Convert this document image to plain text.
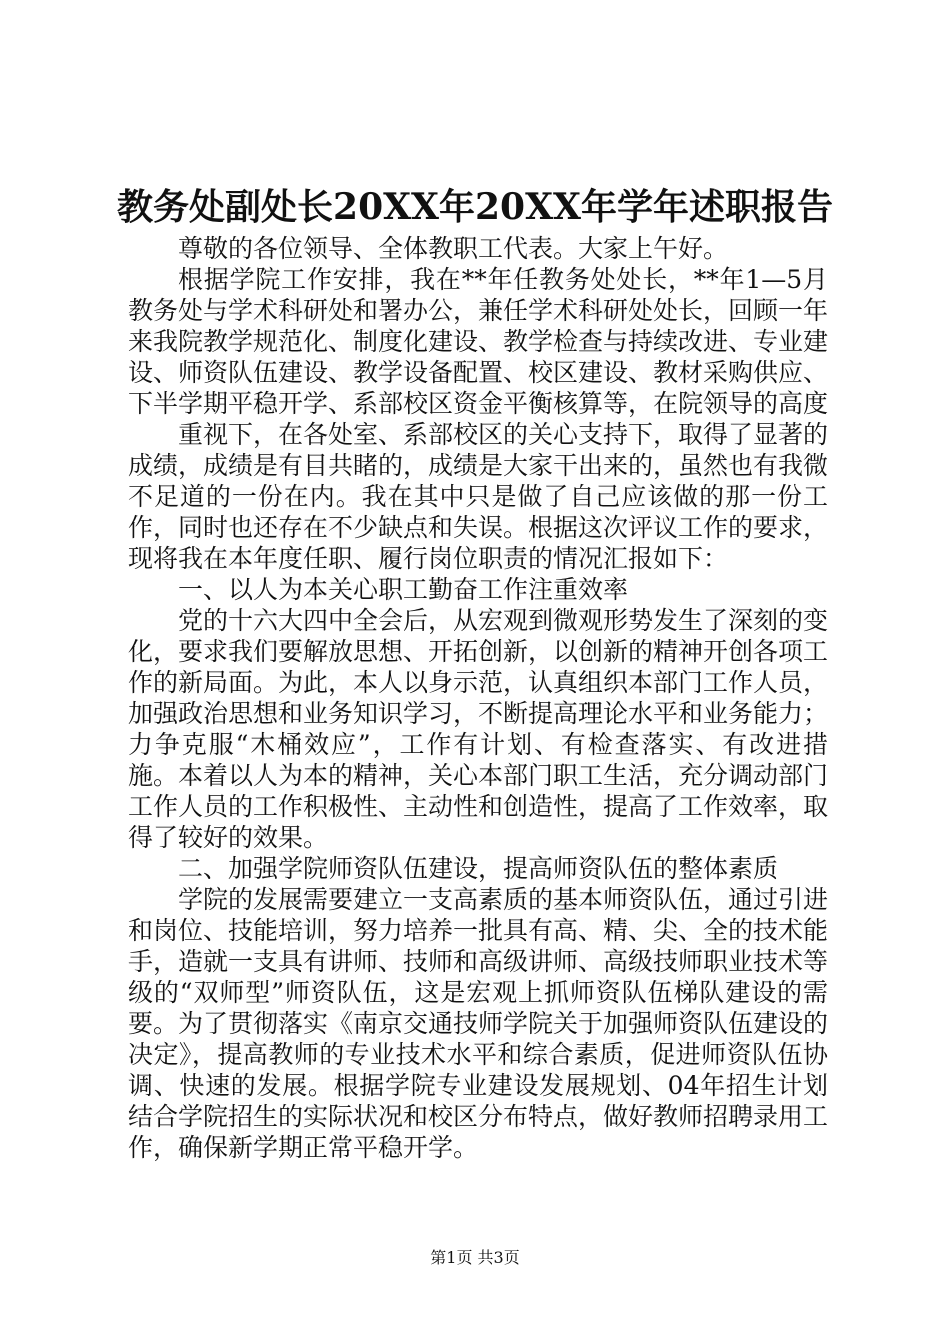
教务处副处长20XX年20XX年学年述职报告

尊敬的各位领导、全体教职工代表。大家上午好。

根据学院工作安排，我在**年任教务处处长，**年1—5月教务处与学术科研处和署办公，兼任学术科研处处长，回顾一年来我院教学规范化、制度化建设、教学检查与持续改进、专业建设、师资队伍建设、教学设备配置、校区建设、教材采购供应、下半学期平稳开学、系部校区资金平衡核算等，在院领导的高度

重视下，在各处室、系部校区的关心支持下，取得了显著的成绩，成绩是有目共睹的，成绩是大家干出来的，虽然也有我微不足道的一份在内。我在其中只是做了自己应该做的那一份工作，同时也还存在不少缺点和失误。根据这次评议工作的要求，现将我在本年度任职、履行岗位职责的情况汇报如下：

一、以人为本关心职工勤奋工作注重效率

党的十六大四中全会后，从宏观到微观形势发生了深刻的变化，要求我们要解放思想、开拓创新，以创新的精神开创各项工作的新局面。为此，本人以身示范，认真组织本部门工作人员，加强政治思想和业务知识学习，不断提高理论水平和业务能力；力争克服“木桶效应”，工作有计划、有检查落实、有改进措施。本着以人为本的精神，关心本部门职工生活，充分调动部门工作人员的工作积极性、主动性和创造性，提高了工作效率，取得了较好的效果。

二、加强学院师资队伍建设，提高师资队伍的整体素质

学院的发展需要建立一支高素质的基本师资队伍，通过引进和岗位、技能培训，努力培养一批具有高、精、尖、全的技术能手，造就一支具有讲师、技师和高级讲师、高级技师职业技术等级的“双师型”师资队伍，这是宏观上抓师资队伍梯队建设的需要。为了贯彻落实《南京交通技师学院关于加强师资队伍建设的决定》，提高教师的专业技术水平和综合素质，促进师资队伍协调、快速的发展。根据学院专业建设发展规划、04年招生计划结合学院招生的实际状况和校区分布特点，做好教师招聘录用工作，确保新学期正常平稳开学。

第1页 共3页
